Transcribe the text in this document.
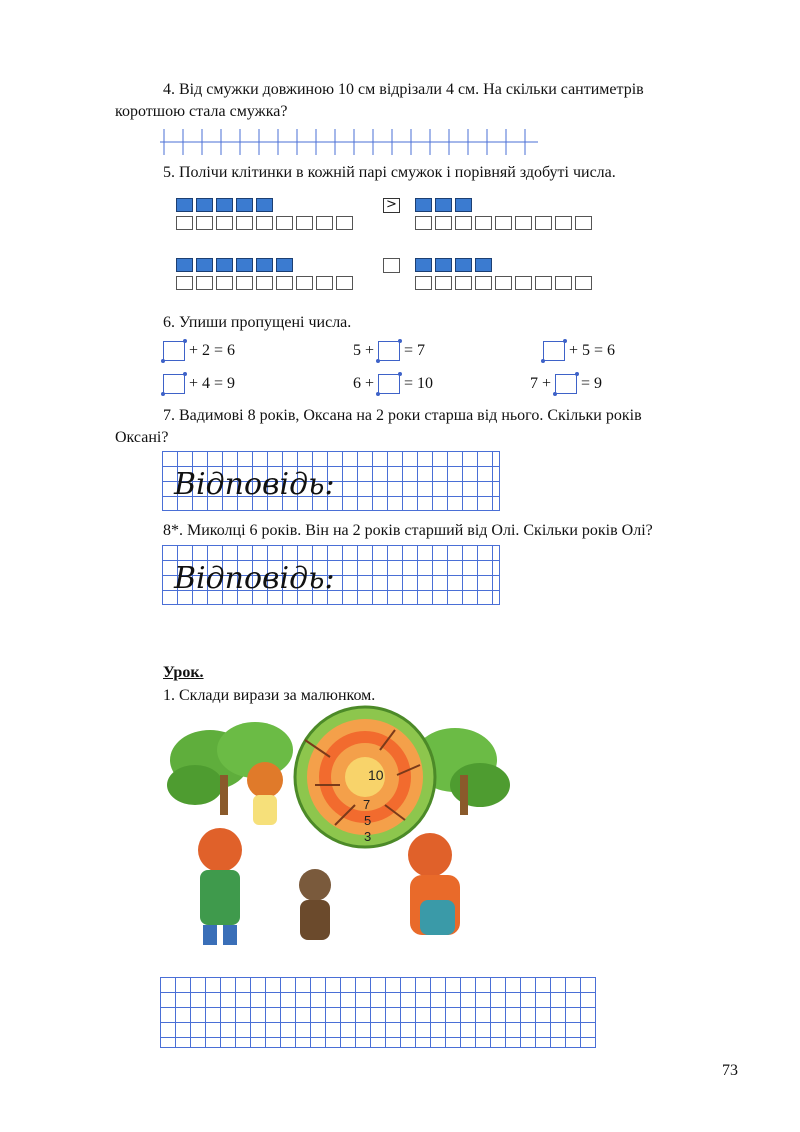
4. Від смужки довжиною 10 см відрізали 4 см. На скільки сантиметрів
коротшою стала смужка?
5. Полічи клітинки в кожній парі смужок і порівняй здобуті числа.
>
6. Упиши пропущені числа.
+ 2 = 6	5 + = 7	+ 5 = 6
+ 4 = 9	6 + = 10	7 + = 9
7. Вадимові 8 років, Оксана на 2 роки старша від нього. Скільки років
Оксані?
Відповідь:
8*. Миколці 6 років. Він на 2 років старший від Олі. Скільки років Олі?
Відповідь:
Урок.
1. Склади вирази за малюнком.
10
7
5
3
73
